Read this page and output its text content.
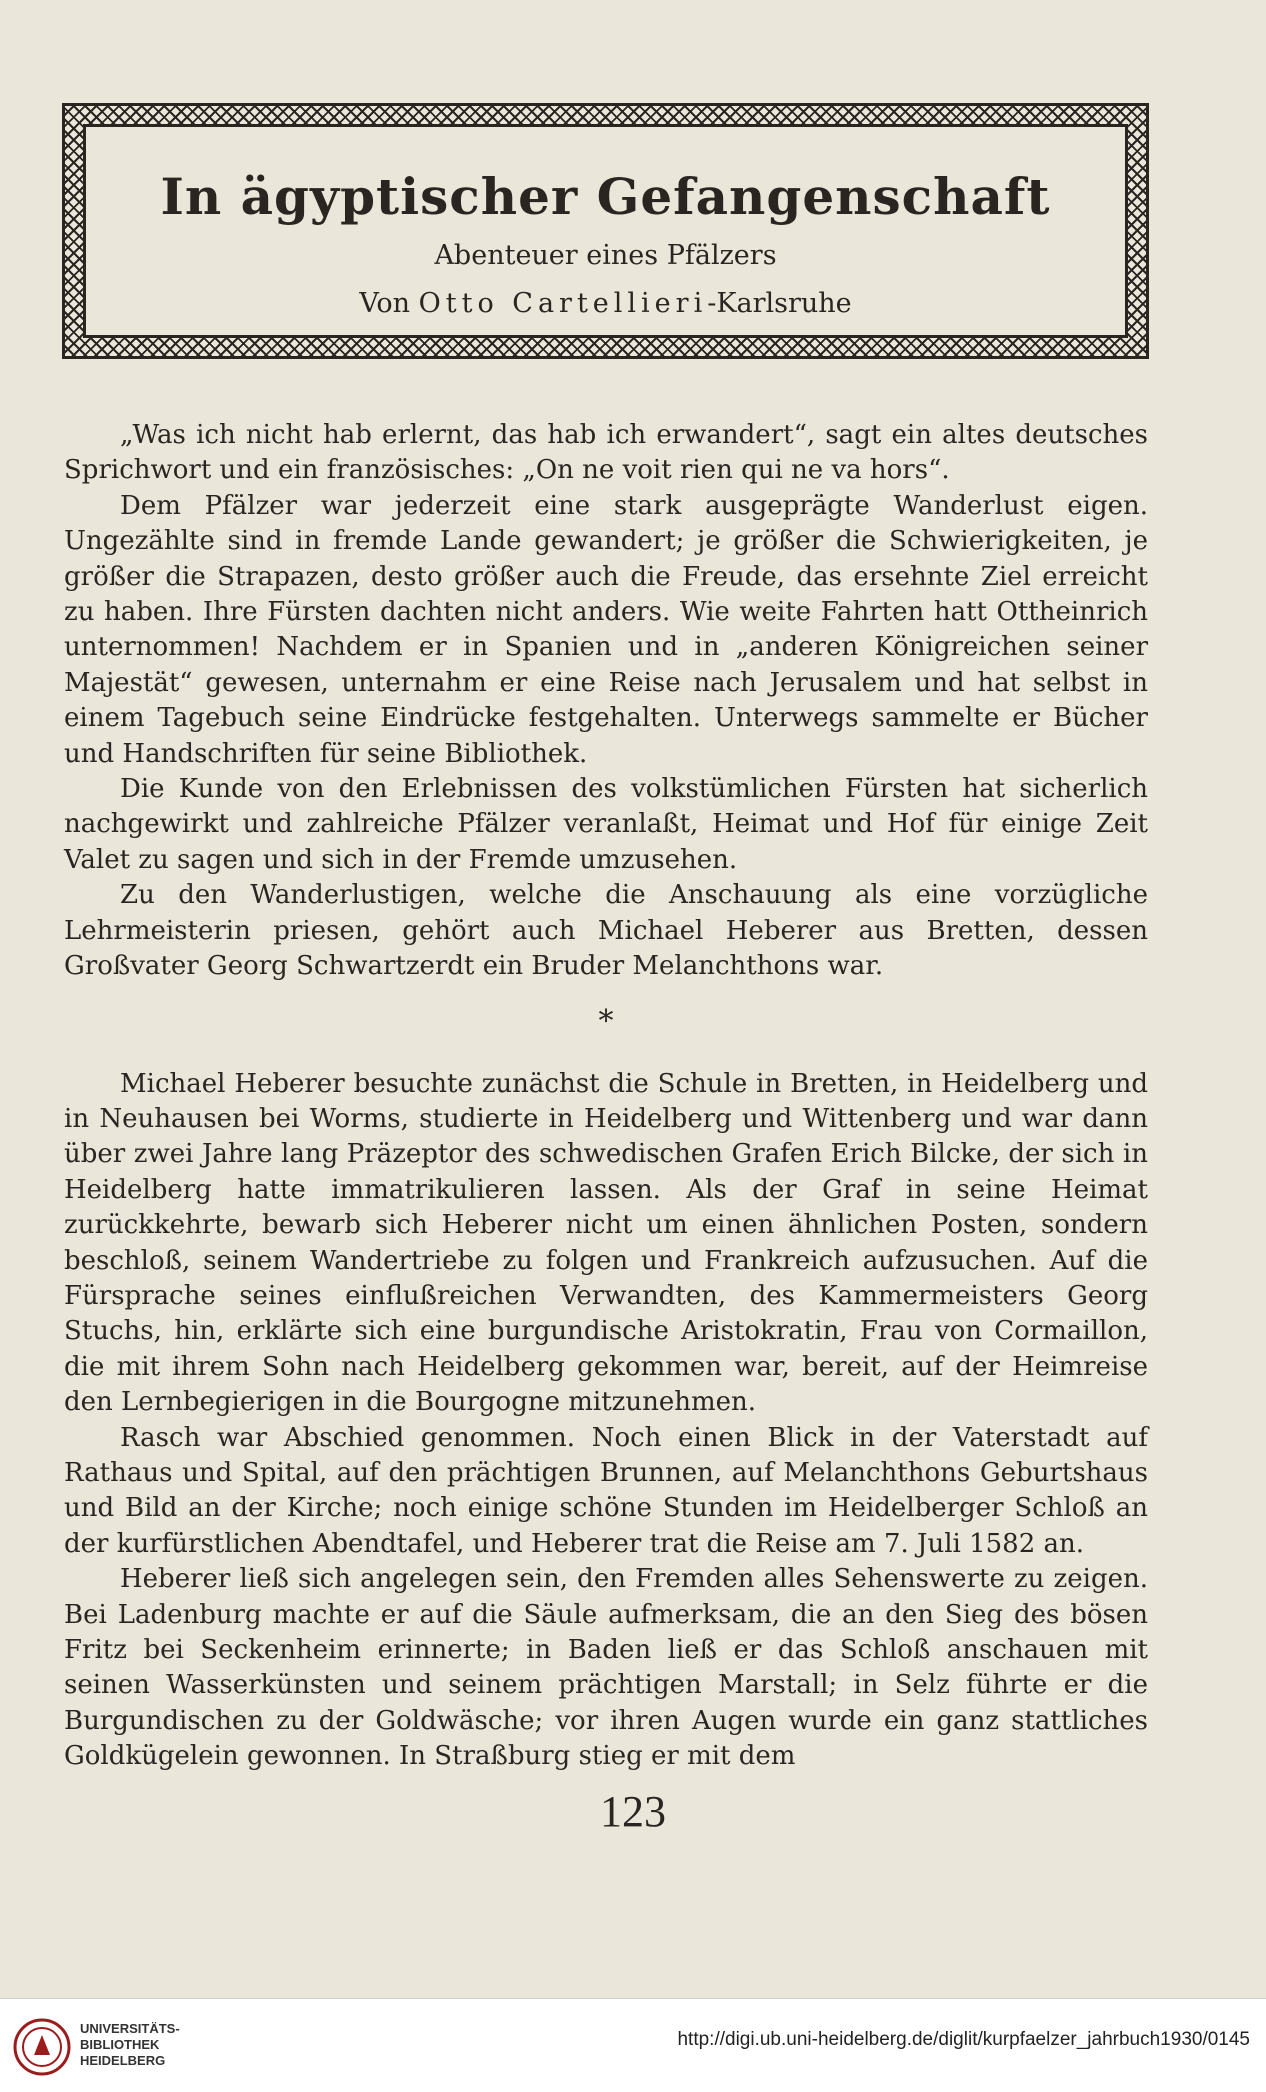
In ägyptischer Gefangenschaft
Abenteuer eines Pfälzers
Von Otto Cartellieri-Karlsruhe

„Was ich nicht hab erlernt, das hab ich erwandert“, sagt ein altes deutsches Sprichwort und ein französisches: „On ne voit rien qui ne va hors“.

Dem Pfälzer war jederzeit eine stark ausgeprägte Wanderlust eigen. Ungezählte sind in fremde Lande gewandert; je größer die Schwierigkeiten, je größer die Strapazen, desto größer auch die Freude, das ersehnte Ziel erreicht zu haben. Ihre Fürsten dachten nicht anders. Wie weite Fahrten hatt Ottheinrich unternommen! Nachdem er in Spanien und in „anderen Königreichen seiner Majestät“ gewesen, unternahm er eine Reise nach Jerusalem und hat selbst in einem Tagebuch seine Eindrücke festgehalten. Unterwegs sammelte er Bücher und Handschriften für seine Bibliothek.

Die Kunde von den Erlebnissen des volkstümlichen Fürsten hat sicherlich nachgewirkt und zahlreiche Pfälzer veranlaßt, Heimat und Hof für einige Zeit Valet zu sagen und sich in der Fremde umzusehen.

Zu den Wanderlustigen, welche die Anschauung als eine vorzügliche Lehrmeisterin priesen, gehört auch Michael Heberer aus Bretten, dessen Großvater Georg Schwartzerdt ein Bruder Melanchthons war.

*

Michael Heberer besuchte zunächst die Schule in Bretten, in Heidelberg und in Neuhausen bei Worms, studierte in Heidelberg und Wittenberg und war dann über zwei Jahre lang Präzeptor des schwedischen Grafen Erich Bilcke, der sich in Heidelberg hatte immatrikulieren lassen. Als der Graf in seine Heimat zurückkehrte, bewarb sich Heberer nicht um einen ähnlichen Posten, sondern beschloß, seinem Wandertriebe zu folgen und Frankreich aufzusuchen. Auf die Fürsprache seines einflußreichen Verwandten, des Kammermeisters Georg Stuchs, hin, erklärte sich eine burgundische Aristokratin, Frau von Cormaillon, die mit ihrem Sohn nach Heidelberg gekommen war, bereit, auf der Heimreise den Lernbegierigen in die Bourgogne mitzunehmen.

Rasch war Abschied genommen. Noch einen Blick in der Vaterstadt auf Rathaus und Spital, auf den prächtigen Brunnen, auf Melanchthons Geburtshaus und Bild an der Kirche; noch einige schöne Stunden im Heidelberger Schloß an der kurfürstlichen Abendtafel, und Heberer trat die Reise am 7. Juli 1582 an.

Heberer ließ sich angelegen sein, den Fremden alles Sehenswerte zu zeigen. Bei Ladenburg machte er auf die Säule aufmerksam, die an den Sieg des bösen Fritz bei Seckenheim erinnerte; in Baden ließ er das Schloß anschauen mit seinen Wasserkünsten und seinem prächtigen Marstall; in Selz führte er die Burgundischen zu der Goldwäsche; vor ihren Augen wurde ein ganz stattliches Goldkügelein gewonnen. In Straßburg stieg er mit dem

123
UNIVERSITÄTS-
BIBLIOTHEK
HEIDELBERG
http://digi.ub.uni-heidelberg.de/diglit/kurpfaelzer_jahrbuch1930/0145
